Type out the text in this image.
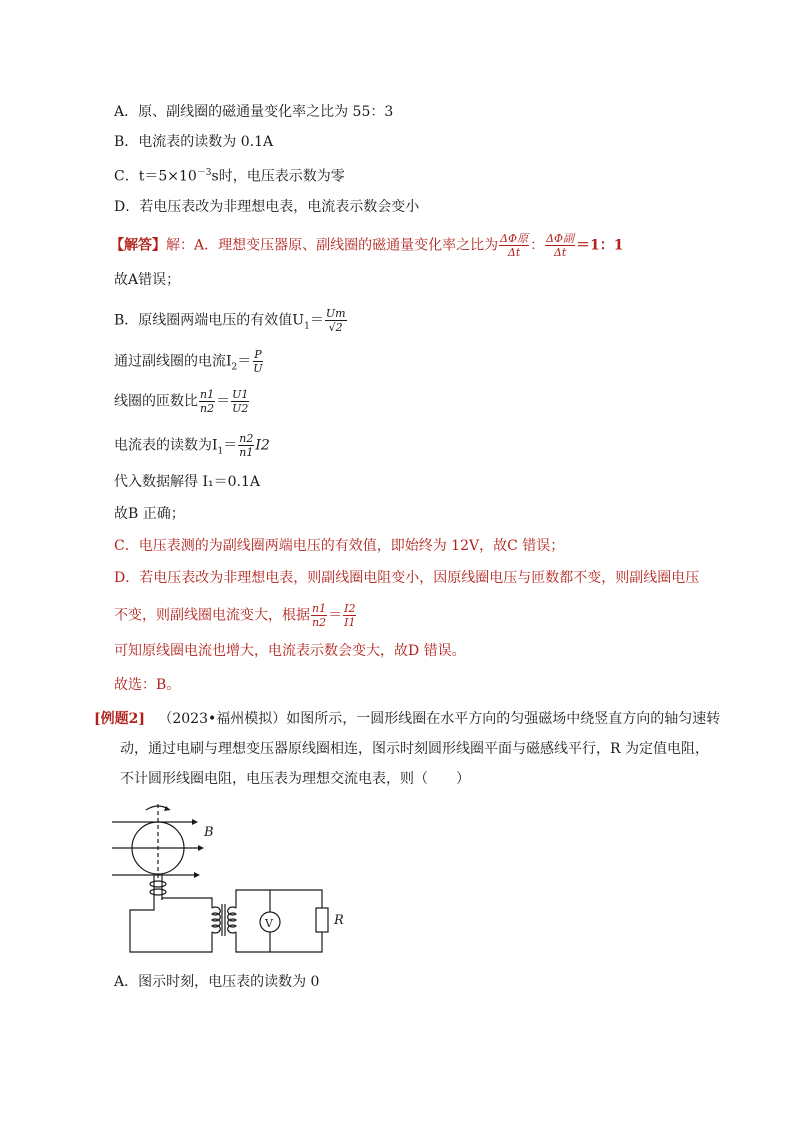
A．原、副线圈的磁通量变化率之比为 55：3
B．电流表的读数为 0.1A
C．$t=5\times 10^{-3}s$时，电压表示数为零
D．若电压表改为非理想电表，电流表示数会变小
【解答】解：A．理想变压器原、副线圈的磁通量变化率之比为 $\frac{\text{ΔΦ原}}{\Delta t}$ ： $\frac{\text{ΔΦ副}}{\Delta t} =1$：1
故A错误；
B．原线圈两端电压的有效值$U_1= \frac{Um}{√2}$
通过副线圈的电流$I_2= \frac{P}{U}$
线圈的匝数比 $\frac{n1}{n2} = \frac{U1}{U2}$
电流表的读数为$I_1= \frac{n2}{n1} I2$
代入数据解得 I₁＝0.1A
故B 正确；
C．电压表测的为副线圈两端电压的有效值，即始终为 12V，故C 错误；
D．若电压表改为非理想电表，则副线圈电阻变小，因原线圈电压与匝数都不变，则副线圈电压
不变，则副线圈电流变大，根据 $\frac{n1}{n2} = \frac{I2}{I1}$
可知原线圈电流也增大，电流表示数会变大，故D 错误。
故选：B。
[例题2] （2023•福州模拟）如图所示，一圆形线圈在水平方向的匀强磁场中绕竖直方向的轴匀速转
动，通过电刷与理想变压器原线圈相连，图示时刻圆形线圈平面与磁感线平行，R 为定值电阻，
不计圆形线圈电阻，电压表为理想交流电表，则（　　）
B
V	R
A．图示时刻，电压表的读数为 0
